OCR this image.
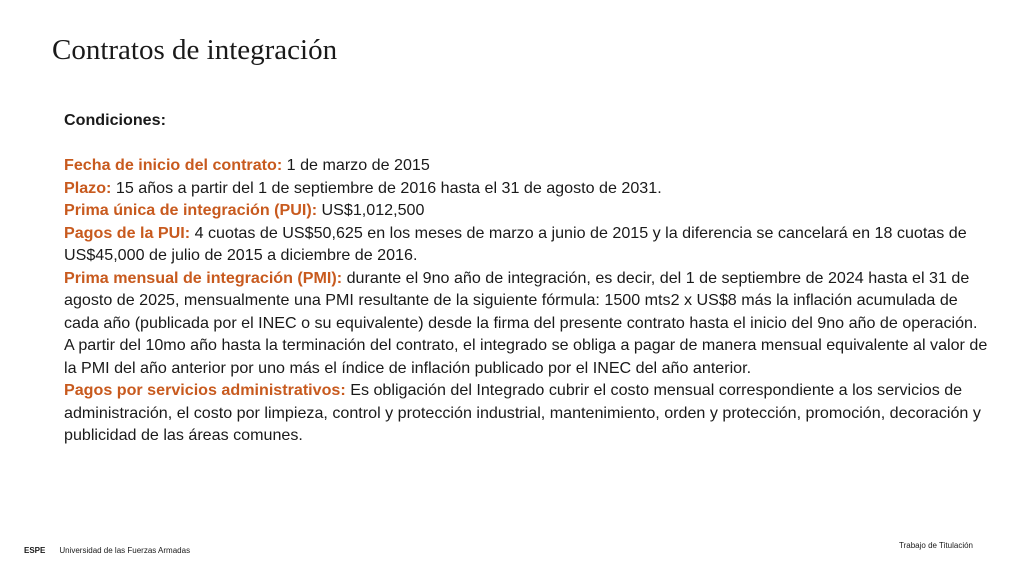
Contratos de integración

Condiciones:

Fecha de inicio del contrato: 1 de marzo de 2015

Plazo: 15 años a partir del 1 de septiembre de 2016 hasta el 31 de agosto de 2031.

Prima única de integración (PUI): US$1,012,500

Pagos de la PUI: 4 cuotas de US$50,625 en los meses de marzo a junio de 2015 y la diferencia se cancelará en 18 cuotas de US$45,000 de julio de 2015 a diciembre de 2016.

Prima mensual de integración (PMI): durante el 9no año de integración, es decir, del 1 de septiembre de 2024 hasta el 31 de agosto de 2025, mensualmente una PMI resultante de la siguiente fórmula: 1500 mts2 x US$8 más la inflación acumulada de cada año (publicada por el INEC o su equivalente) desde la firma del presente contrato hasta el inicio del 9no año de operación.

A partir del 10mo año hasta la terminación del contrato, el integrado se obliga a pagar de manera mensual equivalente al valor de la PMI del año anterior por uno más el índice de inflación publicado por el INEC del año anterior.

Pagos por servicios administrativos: Es obligación del Integrado cubrir el costo mensual correspondiente a los servicios de administración, el costo por limpieza, control y protección industrial, mantenimiento, orden y protección, promoción, decoración y publicidad de las áreas comunes.

ESPE Universidad de las Fuerzas Armadas
Trabajo de Titulación
